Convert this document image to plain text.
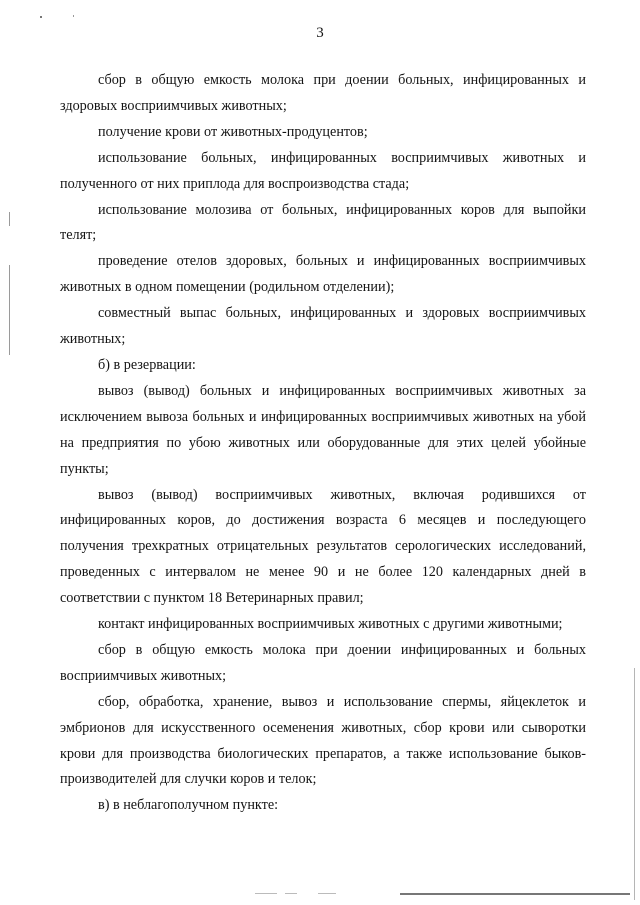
3

сбор в общую емкость молока при доении больных, инфицированных и здоровых восприимчивых животных;

получение крови от животных-продуцентов;

использование больных, инфицированных восприимчивых животных и полученного от них приплода для воспроизводства стада;

использование молозива от больных, инфицированных коров для выпойки телят;

проведение отелов здоровых, больных и инфицированных восприимчивых животных в одном помещении (родильном отделении);

совместный выпас больных, инфицированных и здоровых восприимчивых животных;

б) в резервации:

вывоз (вывод) больных и инфицированных восприимчивых животных за исключением вывоза больных и инфицированных восприимчивых животных на убой на предприятия по убою животных или оборудованные для этих целей убойные пункты;

вывоз (вывод) восприимчивых животных, включая родившихся от инфицированных коров, до достижения возраста 6 месяцев и последующего получения трехкратных отрицательных результатов серологических исследований, проведенных с интервалом не менее 90 и не более 120 календарных дней в соответствии с пунктом 18 Ветеринарных правил;

контакт инфицированных восприимчивых животных с другими животными;

сбор в общую емкость молока при доении инфицированных и больных восприимчивых животных;

сбор, обработка, хранение, вывоз и использование спермы, яйцеклеток и эмбрионов для искусственного осеменения животных, сбор крови или сыворотки крови для производства биологических препаратов, а также использование быков-производителей для случки коров и телок;

в) в неблагополучном пункте:
